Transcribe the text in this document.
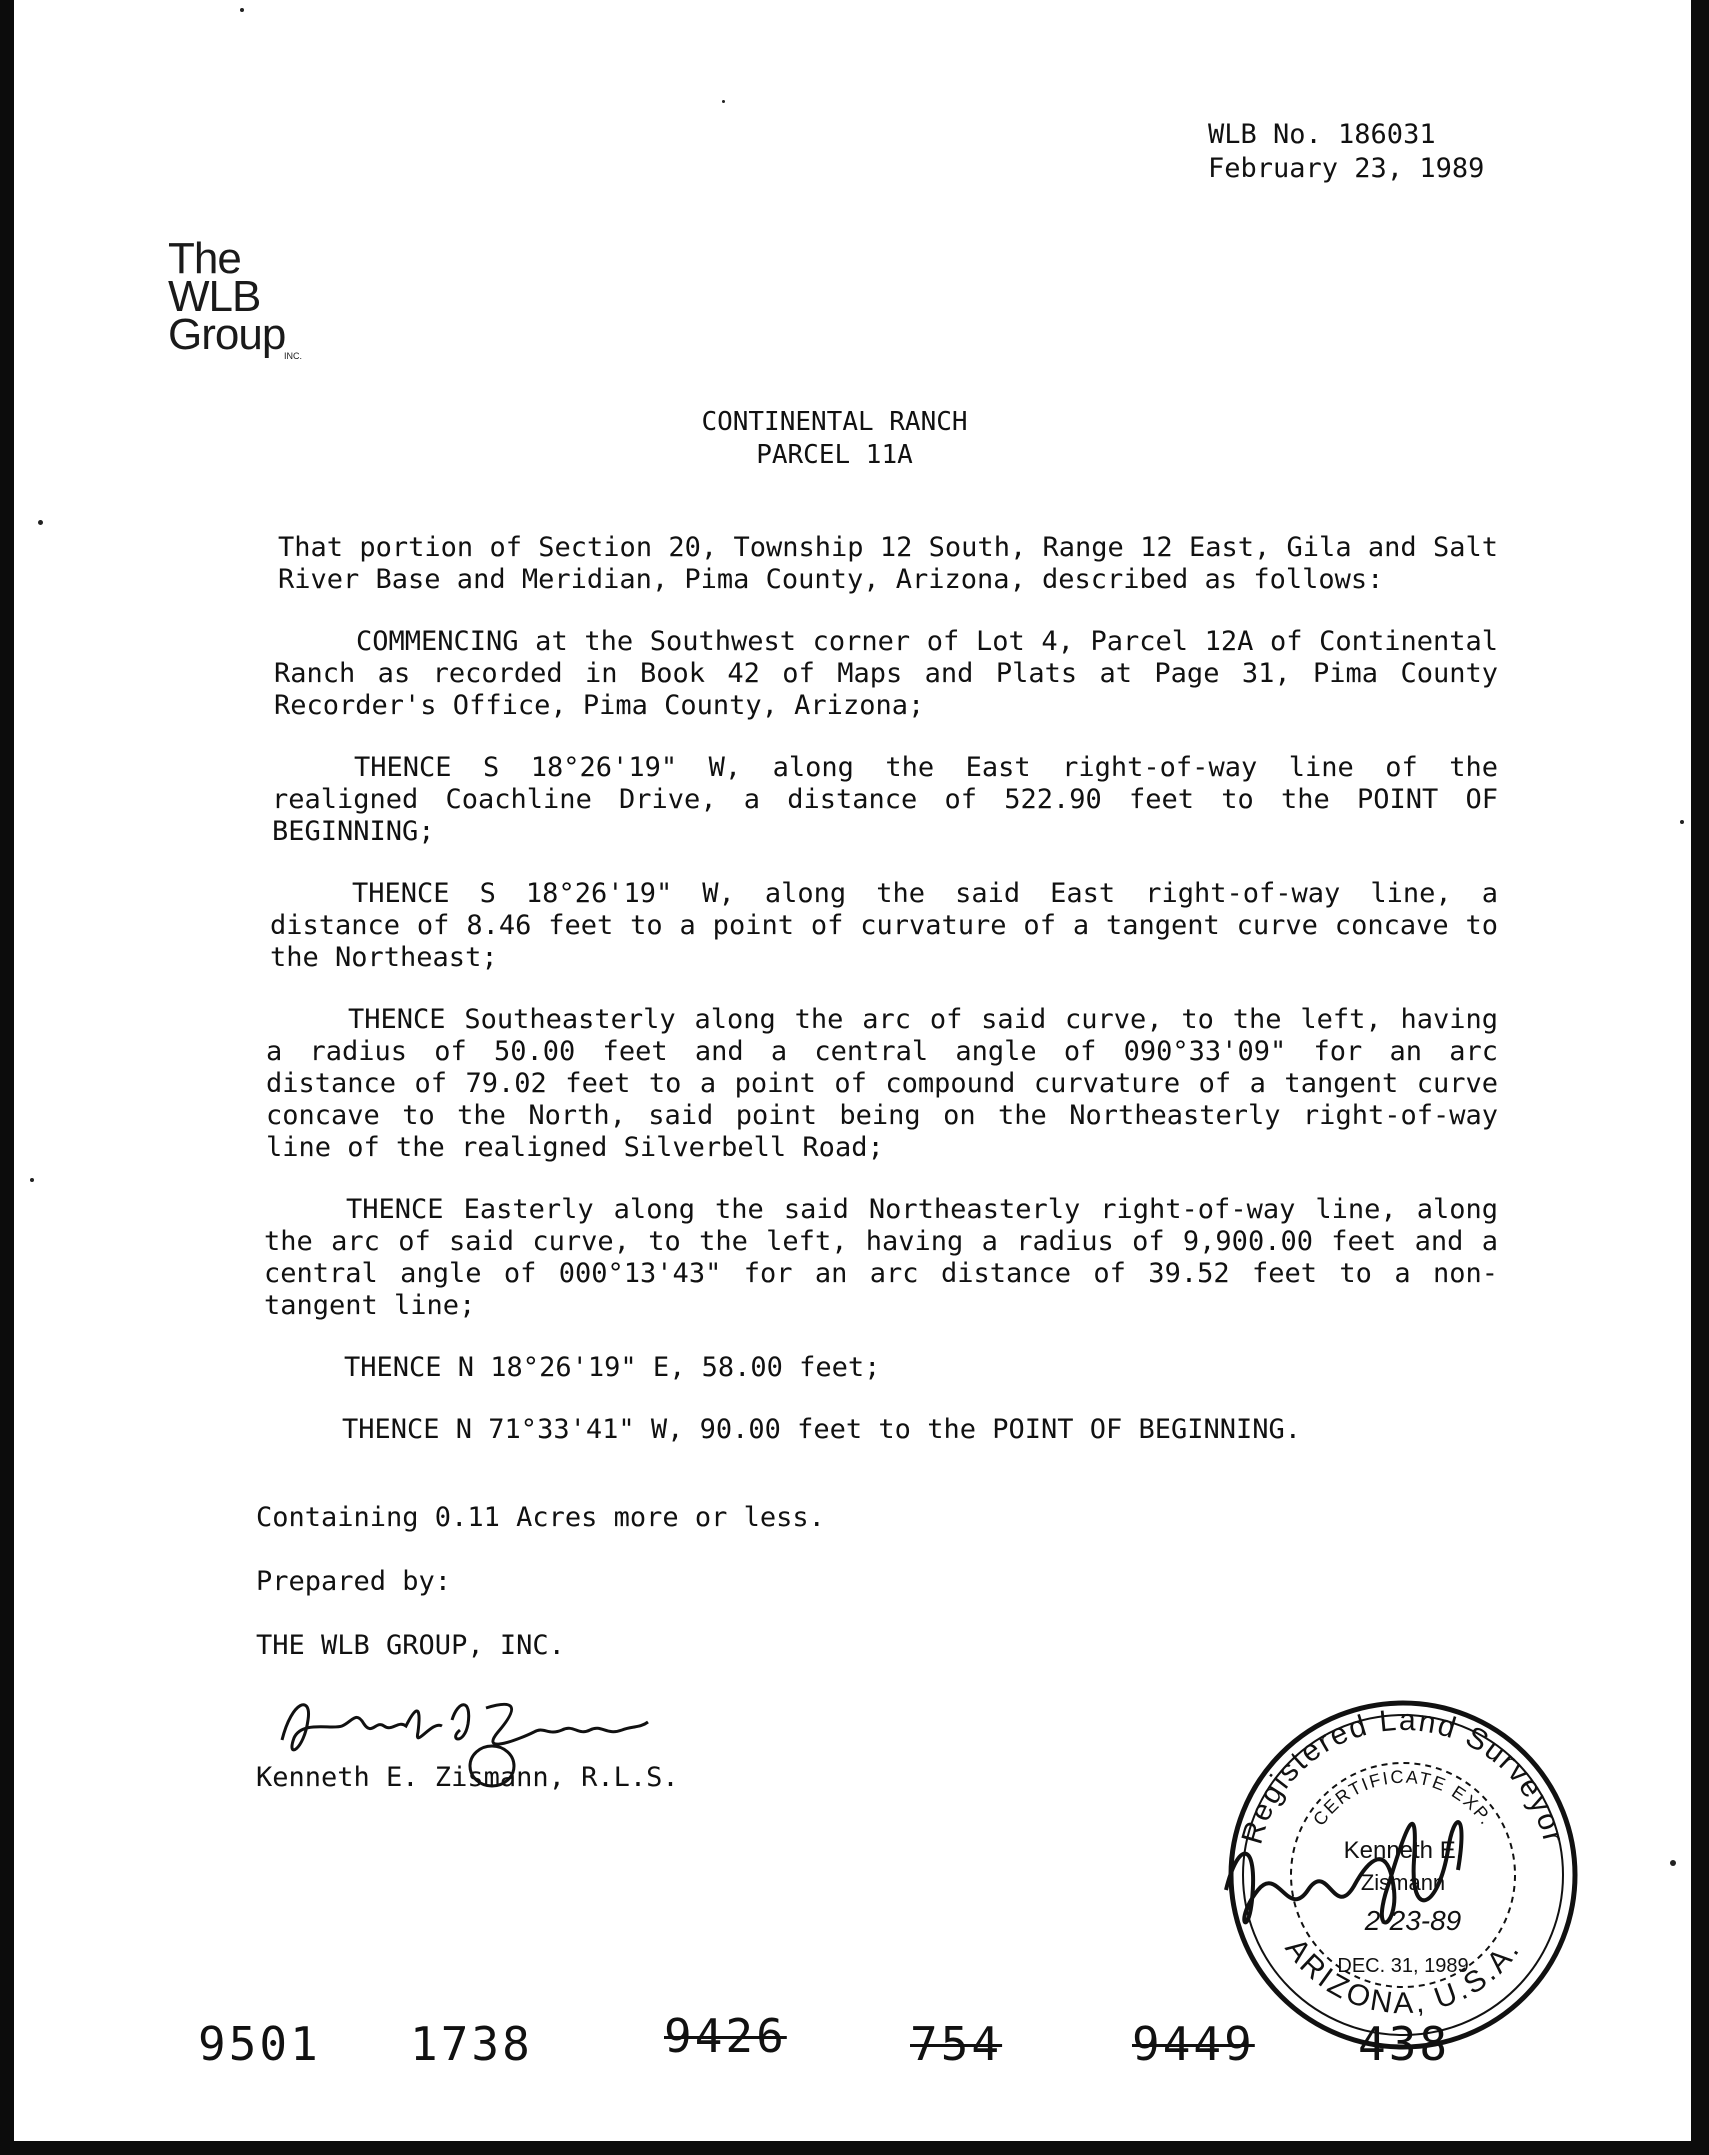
WLB No. 186031
February 23, 1989
The
WLB
Group
INC.
CONTINENTAL RANCH
PARCEL 11A

That portion of Section 20, Township 12 South, Range 12 East, Gila and Salt River Base and Meridian, Pima County, Arizona, described as follows:

COMMENCING at the Southwest corner of Lot 4, Parcel 12A of Continental Ranch as recorded in Book 42 of Maps and Plats at Page 31, Pima County Recorder's Office, Pima County, Arizona;

THENCE S 18°26'19" W, along the East right-of-way line of the realigned Coachline Drive, a distance of 522.90 feet to the POINT OF BEGINNING;

THENCE S 18°26'19" W, along the said East right-of-way line, a distance of 8.46 feet to a point of curvature of a tangent curve concave to the Northeast;

THENCE Southeasterly along the arc of said curve, to the left, having a radius of 50.00 feet and a central angle of 090°33'09" for an arc distance of 79.02 feet to a point of compound curvature of a tangent curve concave to the North, said point being on the Northeasterly right-of-way line of the realigned Silverbell Road;

THENCE Easterly along the said Northeasterly right-of-way line, along the arc of said curve, to the left, having a radius of 9,900.00 feet and a central angle of 000°13'43" for an arc distance of 39.52 feet to a non-tangent line;

THENCE N 18°26'19" E, 58.00 feet;

THENCE N 71°33'41" W, 90.00 feet to the POINT OF BEGINNING.

Containing 0.11 Acres more or less.
Prepared by:
THE WLB GROUP, INC.
Kenneth E. Zismann, R.L.S.
Registered Land Surveyor
CERTIFICATE EXP.
ARIZONA, U.S.A.
Kenneth E.
Zismann
2-23-89
DEC. 31, 1989
9501 1738	9426	754	9449 438
